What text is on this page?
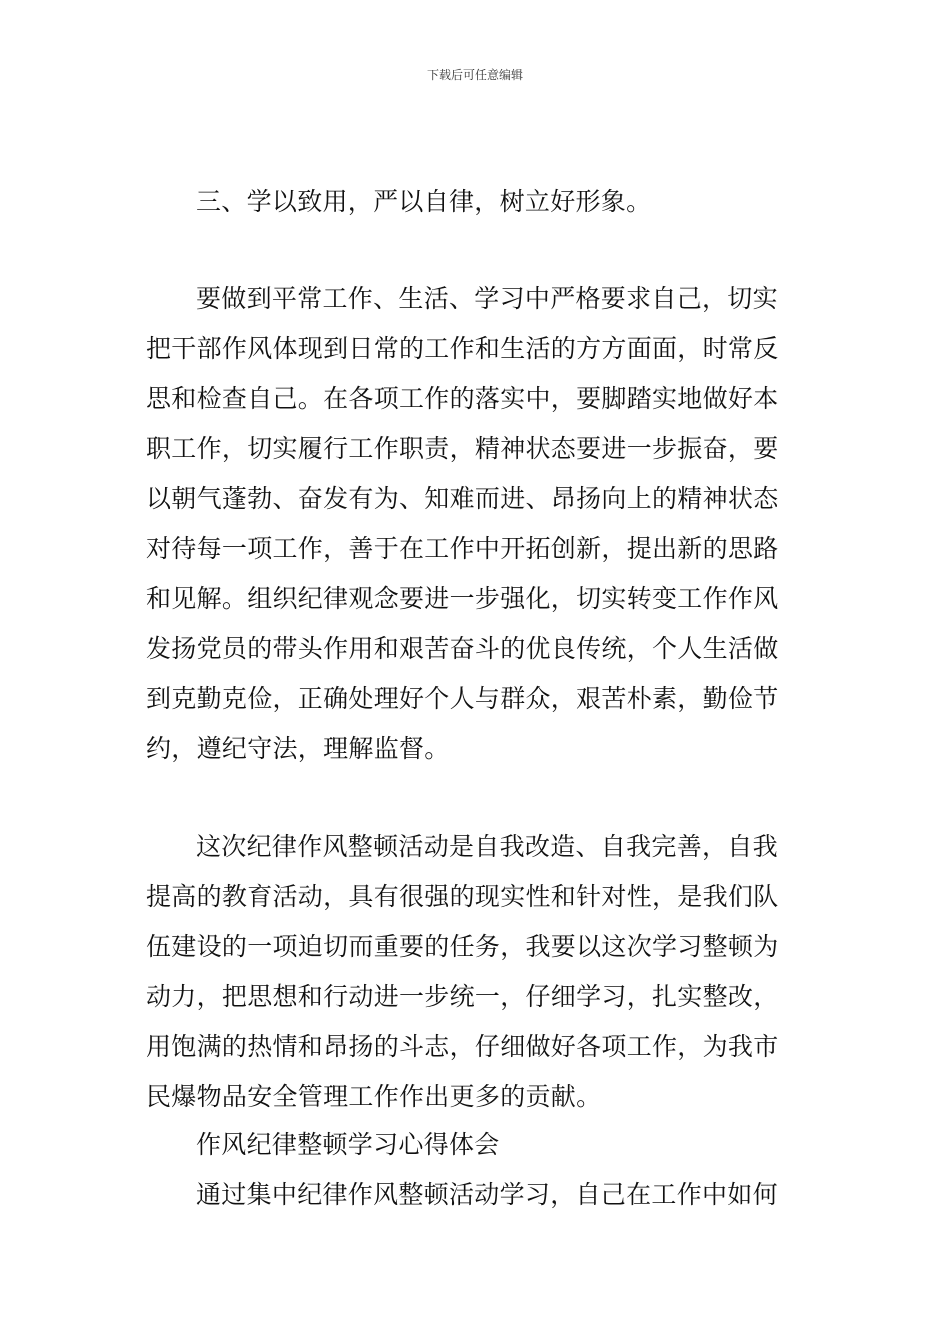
下载后可任意编辑
三、学以致用，严以自律，树立好形象。
要做到平常工作、生活、学习中严格要求自己，切实
把干部作风体现到日常的工作和生活的方方面面，时常反
思和检查自己。在各项工作的落实中，要脚踏实地做好本
职工作，切实履行工作职责，精神状态要进一步振奋，要
以朝气蓬勃、奋发有为、知难而进、昂扬向上的精神状态
对待每一项工作，善于在工作中开拓创新，提出新的思路
和见解。组织纪律观念要进一步强化，切实转变工作作风
发扬党员的带头作用和艰苦奋斗的优良传统，个人生活做
到克勤克俭，正确处理好个人与群众，艰苦朴素，勤俭节
约，遵纪守法，理解监督。
这次纪律作风整顿活动是自我改造、自我完善，自我
提高的教育活动，具有很强的现实性和针对性，是我们队
伍建设的一项迫切而重要的任务，我要以这次学习整顿为
动力，把思想和行动进一步统一，仔细学习，扎实整改，
用饱满的热情和昂扬的斗志，仔细做好各项工作，为我市
民爆物品安全管理工作作出更多的贡献。
作风纪律整顿学习心得体会
通过集中纪律作风整顿活动学习，自己在工作中如何
